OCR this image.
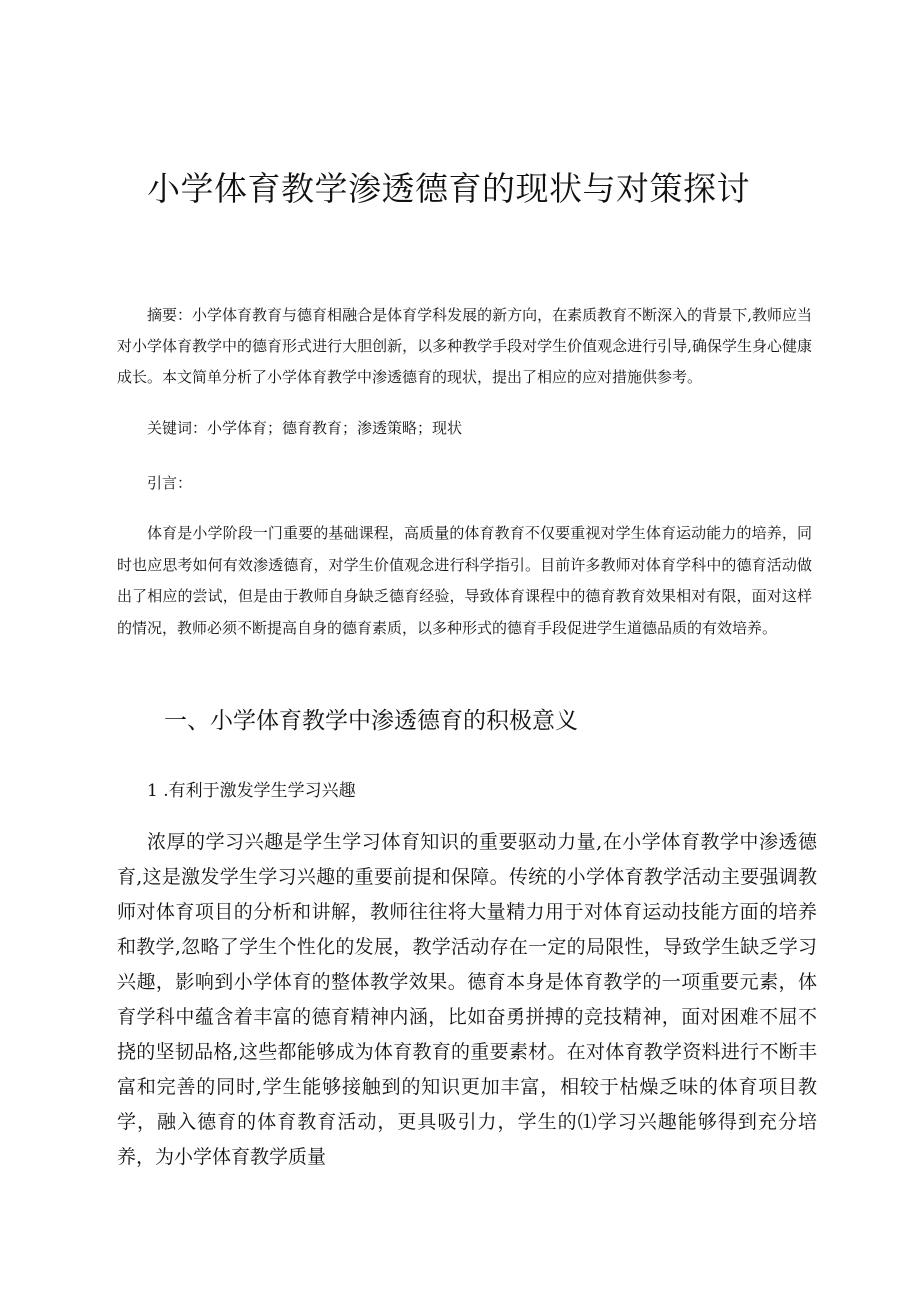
小学体育教学渗透德育的现状与对策探讨
摘要：小学体育教育与德育相融合是体育学科发展的新方向，在素质教育不断深入的背景下,教师应当对小学体育教学中的德育形式进行大胆创新，以多种教学手段对学生价值观念进行引导,确保学生身心健康成长。本文简单分析了小学体育教学中渗透德育的现状，提出了相应的应对措施供参考。
关键词：小学体育；德育教育；渗透策略；现状
引言：
体育是小学阶段一门重要的基础课程，高质量的体育教育不仅要重视对学生体育运动能力的培养，同时也应思考如何有效渗透德育，对学生价值观念进行科学指引。目前许多教师对体育学科中的德育活动做出了相应的尝试，但是由于教师自身缺乏德育经验，导致体育课程中的德育教育效果相对有限，面对这样的情况，教师必须不断提高自身的德育素质，以多种形式的德育手段促进学生道德品质的有效培养。
一、小学体育教学中渗透德育的积极意义
1 .有利于激发学生学习兴趣
浓厚的学习兴趣是学生学习体育知识的重要驱动力量,在小学体育教学中渗透德育,这是激发学生学习兴趣的重要前提和保障。传统的小学体育教学活动主要强调教师对体育项目的分析和讲解，教师往往将大量精力用于对体育运动技能方面的培养和教学,忽略了学生个性化的发展，教学活动存在一定的局限性，导致学生缺乏学习兴趣，影响到小学体育的整体教学效果。德育本身是体育教学的一项重要元素，体育学科中蕴含着丰富的德育精神内涵，比如奋勇拼搏的竞技精神，面对困难不屈不挠的坚韧品格,这些都能够成为体育教育的重要素材。在对体育教学资料进行不断丰富和完善的同时,学生能够接触到的知识更加丰富，相较于枯燥乏味的体育项目教学，融入德育的体育教育活动，更具吸引力，学生的⑴学习兴趣能够得到充分培养，为小学体育教学质量
